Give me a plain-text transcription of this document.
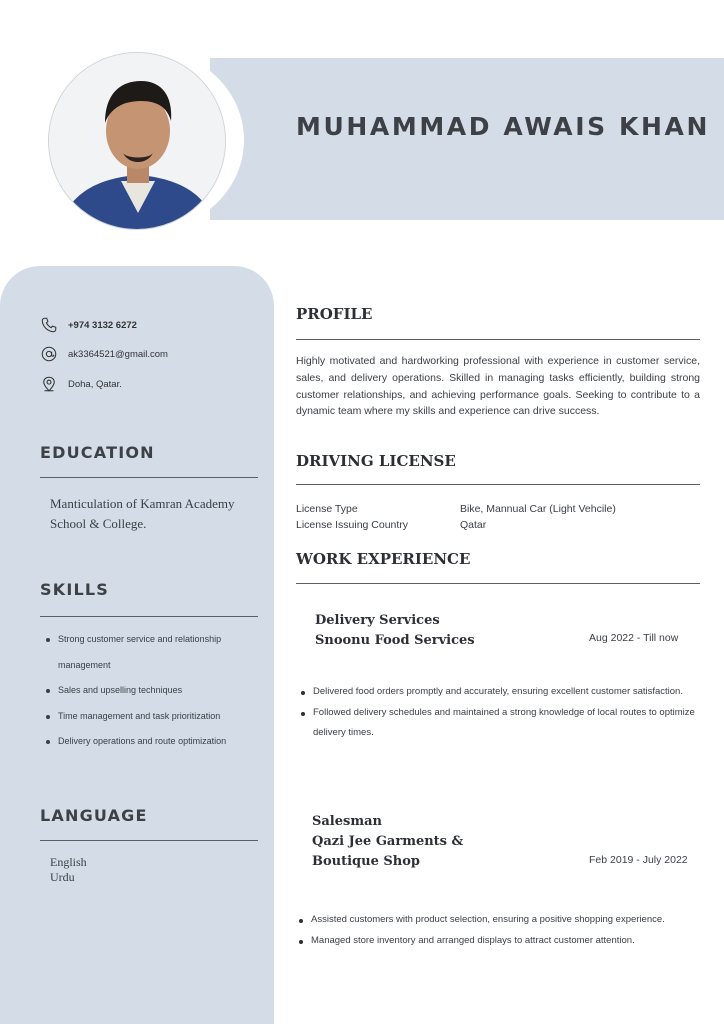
MUHAMMAD AWAIS KHAN
+974 3132 6272
ak3364521@gmail.com
Doha, Qatar.
EDUCATION
Manticulation of Kamran Academy School & College.
SKILLS
Strong customer service and relationship management
Sales and upselling techniques
Time management and task prioritization
Delivery operations and route optimization
LANGUAGE
English
Urdu
PROFILE
Highly motivated and hardworking professional with experience in customer service, sales, and delivery operations. Skilled in managing tasks efficiently, building strong customer relationships, and achieving performance goals. Seeking to contribute to a dynamic team where my skills and experience can drive success.
DRIVING LICENSE
License Type	Bike, Mannual Car (Light Vehcile)
License Issuing Country	Qatar
WORK EXPERIENCE
Delivery Services
Snoonu Food Services	Aug 2022 - Till now
Delivered food orders promptly and accurately, ensuring excellent customer satisfaction.
Followed delivery schedules and maintained a strong knowledge of local routes to optimize delivery times.
Salesman
Qazi Jee Garments &
Boutique Shop	Feb 2019 - July 2022
Assisted customers with product selection, ensuring a positive shopping experience.
Managed store inventory and arranged displays to attract customer attention.
